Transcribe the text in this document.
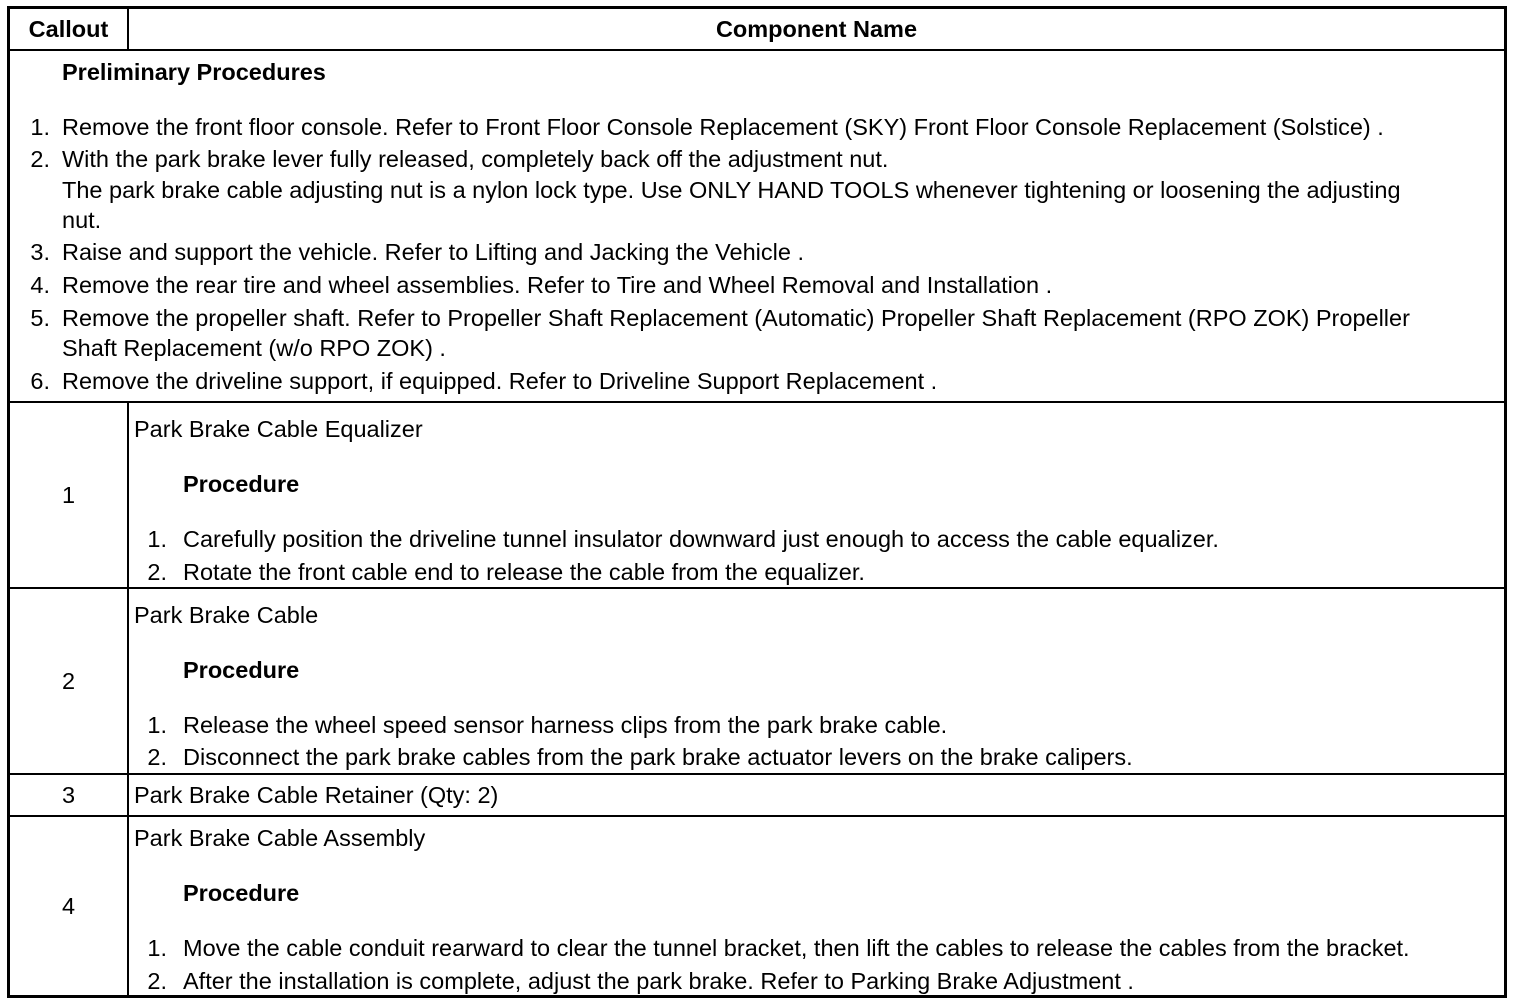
Callout	Component Name
Preliminary Procedures
1. Remove the front floor console. Refer to Front Floor Console Replacement (SKY) Front Floor Console Replacement (Solstice) .
2. With the park brake lever fully released, completely back off the adjustment nut.
The park brake cable adjusting nut is a nylon lock type. Use ONLY HAND TOOLS whenever tightening or loosening the adjusting
nut.
3. Raise and support the vehicle. Refer to Lifting and Jacking the Vehicle .
4. Remove the rear tire and wheel assemblies. Refer to Tire and Wheel Removal and Installation .
5. Remove the propeller shaft. Refer to Propeller Shaft Replacement (Automatic) Propeller Shaft Replacement (RPO ZOK) Propeller
Shaft Replacement (w/o RPO ZOK) .
6. Remove the driveline support, if equipped. Refer to Driveline Support Replacement .
1
Park Brake Cable Equalizer
Procedure
1. Carefully position the driveline tunnel insulator downward just enough to access the cable equalizer.
2. Rotate the front cable end to release the cable from the equalizer.
2
Park Brake Cable
Procedure
1. Release the wheel speed sensor harness clips from the park brake cable.
2. Disconnect the park brake cables from the park brake actuator levers on the brake calipers.
3	Park Brake Cable Retainer (Qty: 2)
4
Park Brake Cable Assembly
Procedure
1. Move the cable conduit rearward to clear the tunnel bracket, then lift the cables to release the cables from the bracket.
2. After the installation is complete, adjust the park brake. Refer to Parking Brake Adjustment .
